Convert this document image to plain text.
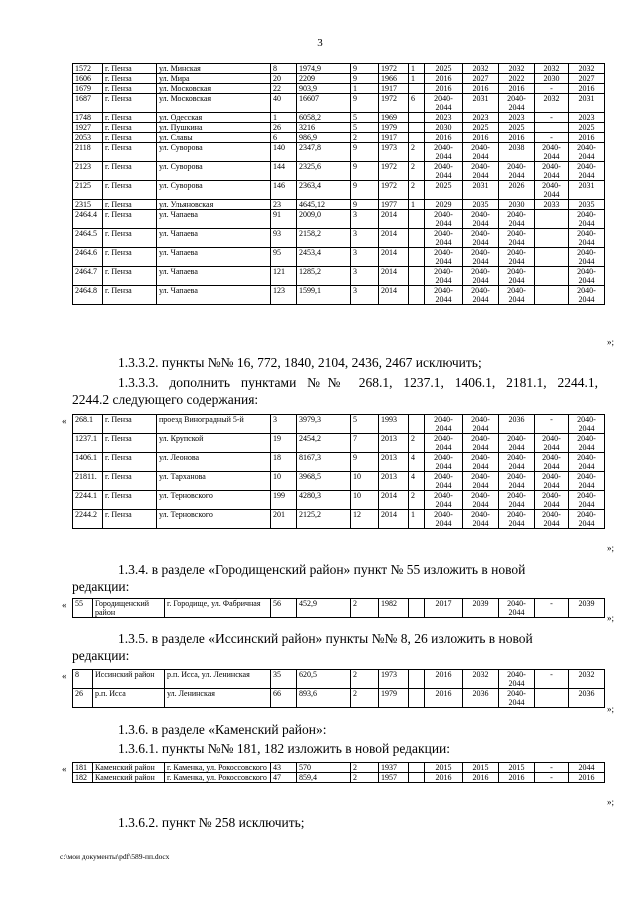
3
1572	г. Пенза	ул. Минская	8	1974,9	9	1972	1	2025	2032	2032	2032	2032
1606	г. Пенза	ул. Мира	20	2209	9	1966	1	2016	2027	2022	2030	2027
1679	г. Пенза	ул. Московская	22	903,9	1	1917		2016	2016	2016	-	2016
1687	г. Пенза	ул. Московская	40	16607	9	1972	6	2040-2044	2031	2040-2044	2032	2031
1748	г. Пенза	ул. Одесская	1	6058,2	5	1969		2023	2023	2023	-	2023
1927	г. Пенза	ул. Пушкина	26	3216	5	1979		2030	2025	2025		2025
2053	г. Пенза	ул. Славы	6	986,9	2	1917		2016	2016	2016	-	2016
2118	г. Пенза	ул. Суворова	140	2347,8	9	1973	2	2040-2044	2040-2044	2038	2040-2044	2040-2044
2123	г. Пенза	ул. Суворова	144	2325,6	9	1972	2	2040-2044	2040-2044	2040-2044	2040-2044	2040-2044
2125	г. Пенза	ул. Суворова	146	2363,4	9	1972	2	2025	2031	2026	2040-2044	2031
2315	г. Пенза	ул. Ульяновская	23	4645,12	9	1977	1	2029	2035	2030	2033	2035
2464.4	г. Пенза	ул. Чапаева	91	2009,0	3	2014		2040-2044	2040-2044	2040-2044		2040-2044
2464.5	г. Пенза	ул. Чапаева	93	2158,2	3	2014		2040-2044	2040-2044	2040-2044		2040-2044
2464.6	г. Пенза	ул. Чапаева	95	2453,4	3	2014		2040-2044	2040-2044	2040-2044		2040-2044
2464.7	г. Пенза	ул. Чапаева	121	1285,2	3	2014		2040-2044	2040-2044	2040-2044		2040-2044
2464.8	г. Пенза	ул. Чапаева	123	1599,1	3	2014		2040-2044	2040-2044	2040-2044		2040-2044
»;
1.3.3.2. пункты №№ 16, 772, 1840, 2104, 2436, 2467 исключить;
1.3.3.3. дополнить пунктами №№ 268.1, 1237.1, 1406.1, 2181.1, 2244.1,
2244.2 следующего содержания:
« 268.1	г. Пенза	проезд Виноградный 5-й	3	3979,3	5	1993		2040-2044	2040-2044	2036	-	2040-2044
1237.1	г. Пенза	ул. Крупской	19	2454,2	7	2013	2	2040-2044	2040-2044	2040-2044	2040-2044	2040-2044
1406.1	г. Пенза	ул. Леонова	18	8167,3	9	2013	4	2040-2044	2040-2044	2040-2044	2040-2044	2040-2044
21811.	г. Пенза	ул. Тарханова	10	3968,5	10	2013	4	2040-2044	2040-2044	2040-2044	2040-2044	2040-2044
2244.1	г. Пенза	ул. Терновского	199	4280,3	10	2014	2	2040-2044	2040-2044	2040-2044	2040-2044	2040-2044
2244.2	г. Пенза	ул. Терновского	201	2125,2	12	2014	1	2040-2044	2040-2044	2040-2044	2040-2044	2040-2044
»;
1.3.4. в разделе «Городищенский район» пункт № 55 изложить в новой
редакции:
« 55	Городищенский район	г. Городище, ул. Фабричная	56	452,9	2	1982		2017	2039	2040-2044	-	2039
»;
1.3.5. в разделе «Иссинский район» пункты №№ 8, 26 изложить в новой
редакции:
« 8	Иссинский район	р.п. Исса, ул. Ленинская	35	620,5	2	1973		2016	2032	2040-2044	-	2032
26	р.п. Исса	ул. Ленинская	66	893,6	2	1979		2016	2036	2040-2044		2036
»;
1.3.6. в разделе «Каменский район»:
1.3.6.1. пункты №№ 181, 182 изложить в новой редакции:
« 181	Каменский район	г. Каменка, ул. Рокоссовского	43	570	2	1937		2015	2015	2015	-	2044
182	Каменский район	г. Каменка, ул. Рокоссовского	47	859,4	2	1957		2016	2016	2016	-	2016
»;
1.3.6.2. пункт № 258 исключить;
c:\мои документы\pdf\589-пп.docx
